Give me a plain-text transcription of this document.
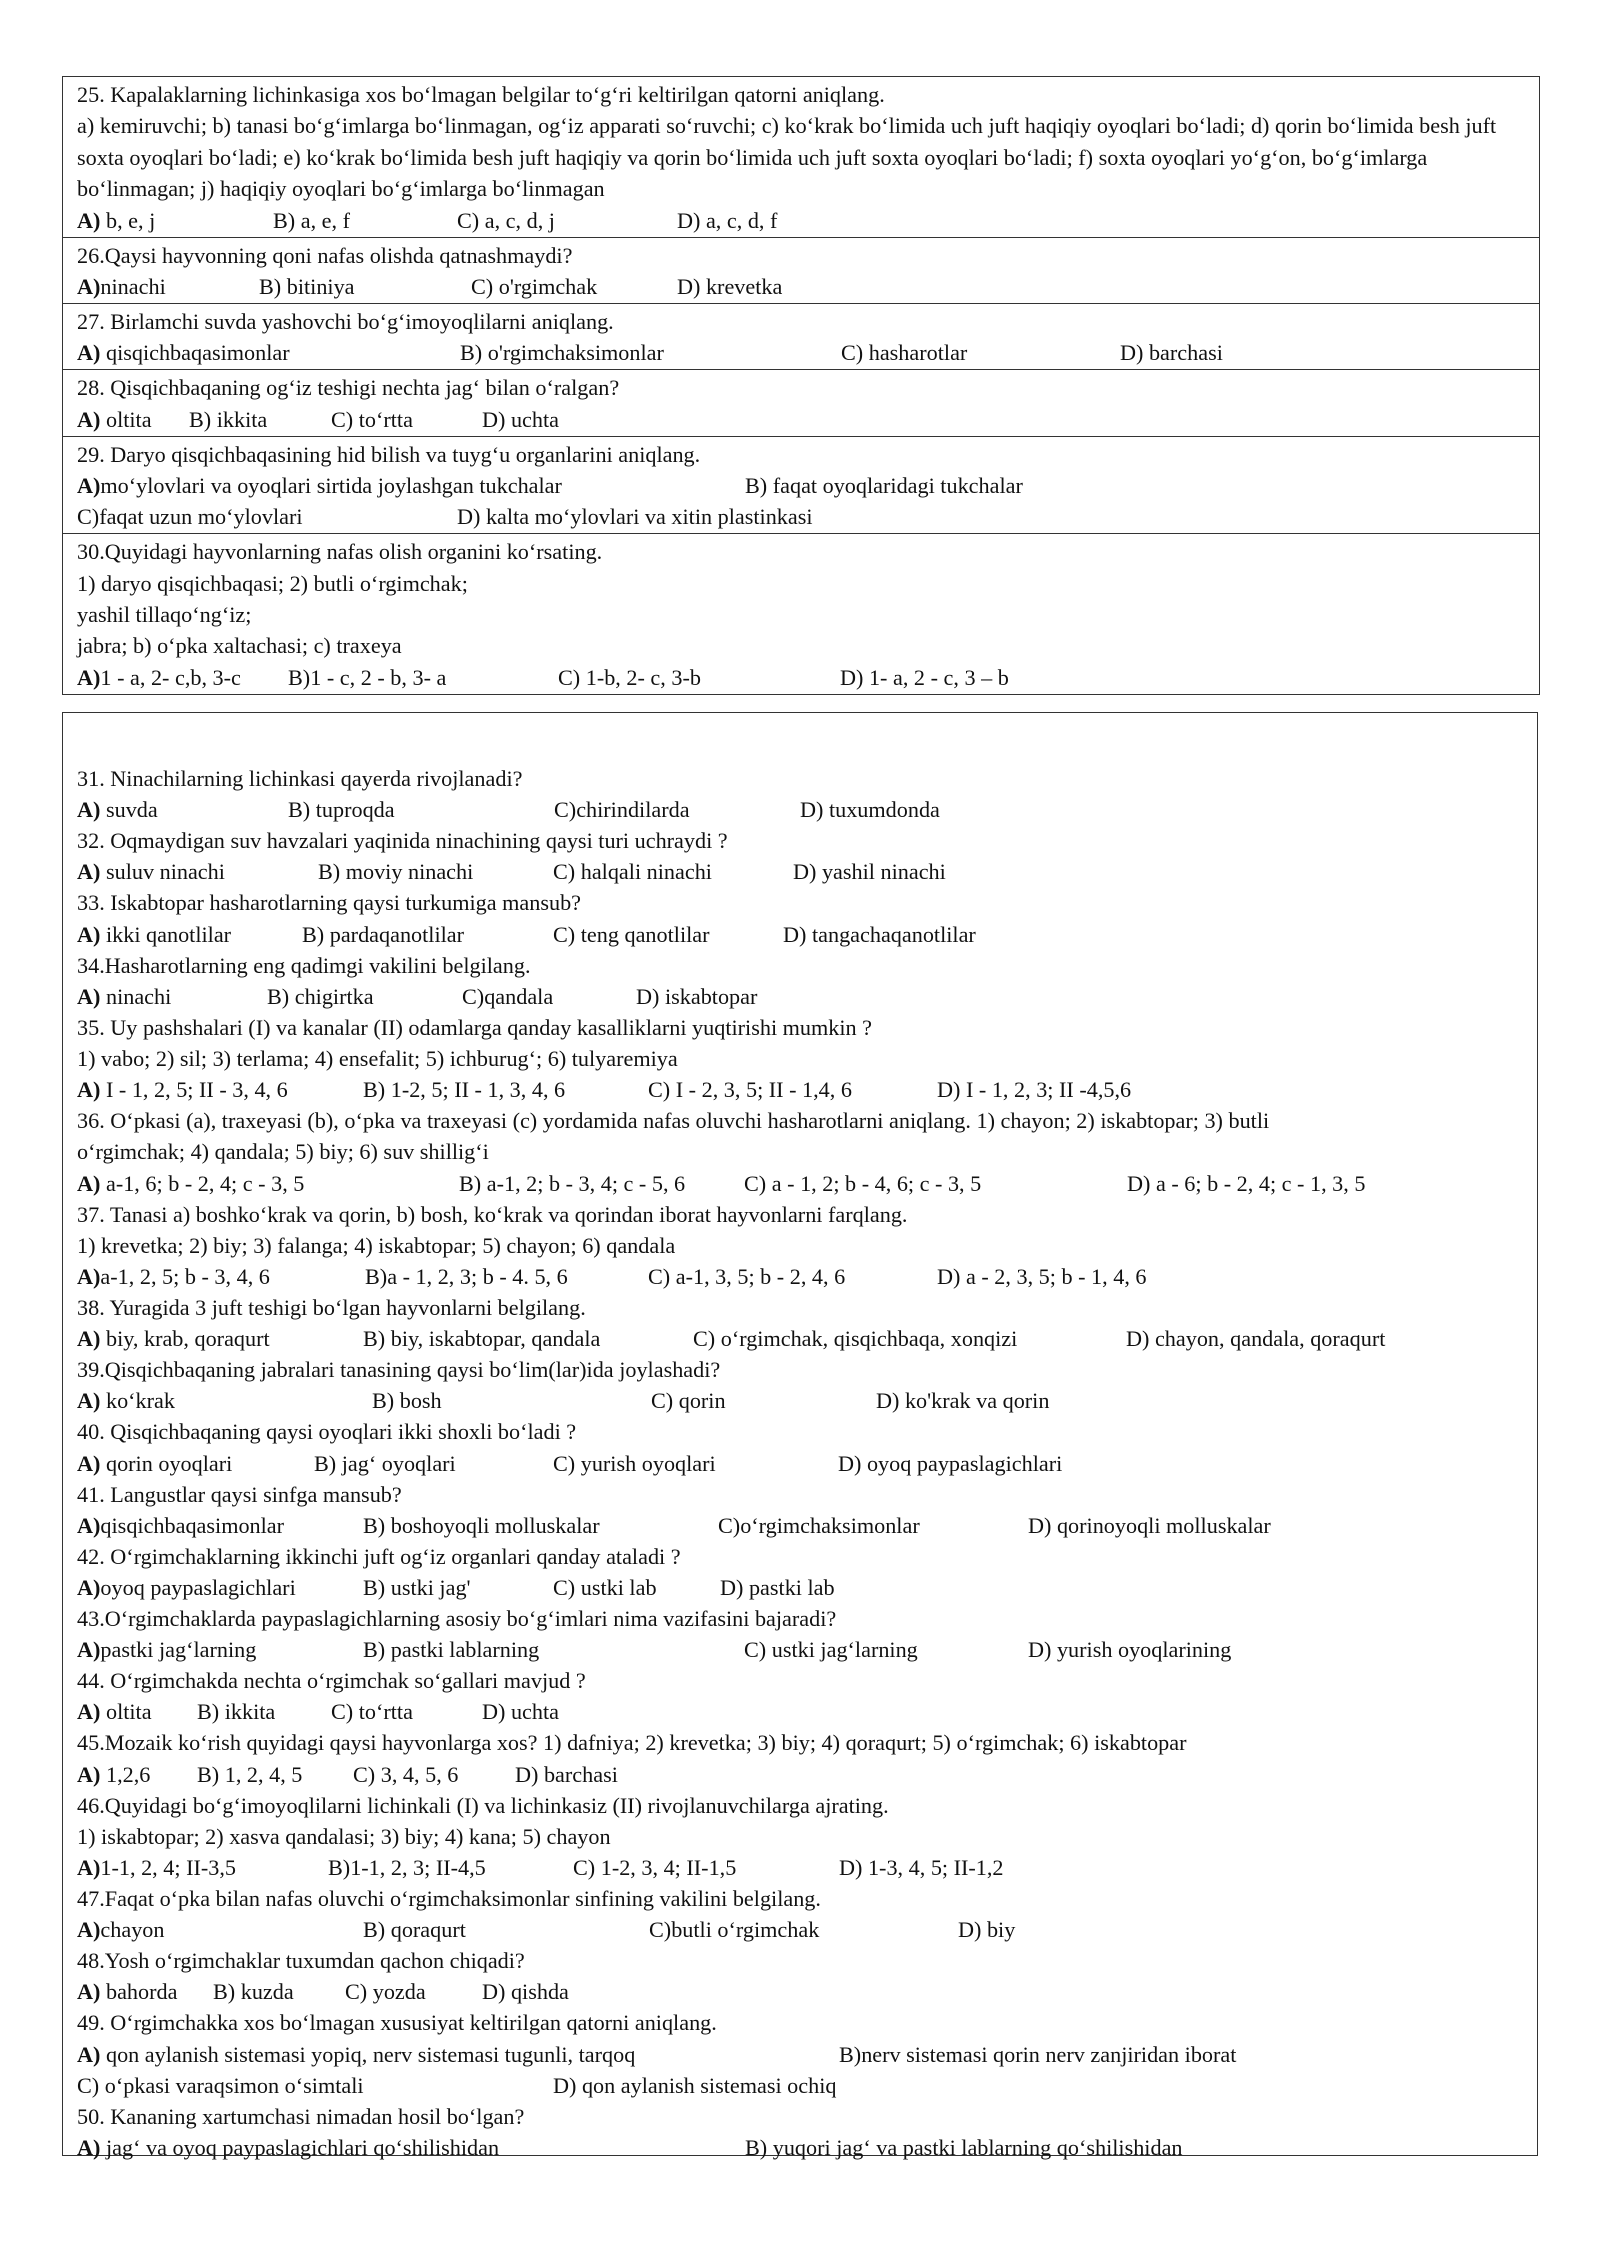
25. Kapalaklarning lichinkasiga xos bo‘lmagan belgilar to‘g‘ri keltirilgan qatorni aniqlang.
a) kemiruvchi; b) tanasi bo‘g‘imlarga bo‘linmagan, og‘iz apparati so‘ruvchi; c) ko‘krak bo‘limida uch juft haqiqiy oyoqlari bo‘ladi; d) qorin bo‘limida besh juft soxta oyoqlari bo‘ladi; e) ko‘krak bo‘limida besh juft haqiqiy va qorin bo‘limida uch juft soxta oyoqlari bo‘ladi; f) soxta oyoqlari yo‘g‘on, bo‘g‘imlarga bo‘linmagan; j) haqiqiy oyoqlari bo‘g‘imlarga bo‘linmagan
A) b, e, j	B) a, e, f	C) a, c, d, j	D) a, c, d, f
26.Qaysi hayvonning qoni nafas olishda qatnashmaydi?
A)ninachi	B) bitiniya	C) o'rgimchak	D) krevetka
27. Birlamchi suvda yashovchi bo‘g‘imoyoqlilarni aniqlang.
A) qisqichbaqasimonlar	B) o'rgimchaksimonlar	C) hasharotlar	D) barchasi
28. Qisqichbaqaning og‘iz teshigi nechta jag‘ bilan o‘ralgan?
A) oltita B) ikkita	C) to‘rtta	D) uchta
29. Daryo qisqichbaqasining hid bilish va tuyg‘u organlarini aniqlang.
A)mo‘ylovlari va oyoqlari sirtida joylashgan tukchalar	B) faqat oyoqlaridagi tukchalar
C)faqat uzun mo‘ylovlari	D) kalta mo‘ylovlari va xitin plastinkasi
30.Quyidagi hayvonlarning nafas olish organini ko‘rsating.
1) daryo qisqichbaqasi; 2) butli o‘rgimchak;
yashil tillaqo‘ng‘iz;
jabra; b) o‘pka xaltachasi; c) traxeya
A)1 - a, 2- c,b, 3-c B)1 - c, 2 - b, 3- a	C) 1-b, 2- c, 3-b	D) 1- a, 2 - c, 3 – b
31. Ninachilarning lichinkasi qayerda rivojlanadi?
A) suvda	B) tuproqda	C)chirindilarda	D) tuxumdonda
32. Oqmaydigan suv havzalari yaqinida ninachining qaysi turi uchraydi ?
A) suluv ninachi	B) moviy ninachi	C) halqali ninachi	D) yashil ninachi
33. Iskabtopar hasharotlarning qaysi turkumiga mansub?
A) ikki qanotlilar	B) pardaqanotlilar	C) teng qanotlilar	D) tangachaqanotlilar
34.Hasharotlarning eng qadimgi vakilini belgilang.
A) ninachi	B) chigirtka	C)qandala	D) iskabtopar
35. Uy pashshalari (I) va kanalar (II) odamlarga qanday kasalliklarni yuqtirishi mumkin ?
1) vabo; 2) sil; 3) terlama; 4) ensefalit; 5) ichburug‘; 6) tulyaremiya
A) I - 1, 2, 5; II - 3, 4, 6	B) 1-2, 5; II - 1, 3, 4, 6	C) I - 2, 3, 5; II - 1,4, 6	D) I - 1, 2, 3; II -4,5,6
36. O‘pkasi (a), traxeyasi (b), o‘pka va traxeyasi (c) yordamida nafas oluvchi hasharotlarni aniqlang. 1) chayon; 2) iskabtopar; 3) butli
o‘rgimchak; 4) qandala; 5) biy; 6) suv shillig‘i
A) a-1, 6; b - 2, 4; c - 3, 5	B) a-1, 2; b - 3, 4; c - 5, 6	C) a - 1, 2; b - 4, 6; c - 3, 5	D) a - 6; b - 2, 4; c - 1, 3, 5
37. Tanasi a) boshko‘krak va qorin, b) bosh, ko‘krak va qorindan iborat hayvonlarni farqlang.
1) krevetka; 2) biy; 3) falanga; 4) iskabtopar; 5) chayon; 6) qandala
A)a-1, 2, 5; b - 3, 4, 6	B)a - 1, 2, 3; b - 4. 5, 6	C) a-1, 3, 5; b - 2, 4, 6	D) a - 2, 3, 5; b - 1, 4, 6
38. Yuragida 3 juft teshigi bo‘lgan hayvonlarni belgilang.
A) biy, krab, qoraqurt	B) biy, iskabtopar, qandala	C) o‘rgimchak, qisqichbaqa, xonqizi	D) chayon, qandala, qoraqurt
39.Qisqichbaqaning jabralari tanasining qaysi bo‘lim(lar)ida joylashadi?
A) ko‘krak	B) bosh	C) qorin	D) ko'krak va qorin
40. Qisqichbaqaning qaysi oyoqlari ikki shoxli bo‘ladi ?
A) qorin oyoqlari	B) jag‘ oyoqlari	C) yurish oyoqlari	D) oyoq paypaslagichlari
41. Langustlar qaysi sinfga mansub?
A)qisqichbaqasimonlar	B) boshoyoqli molluskalar	C)o‘rgimchaksimonlar	D) qorinoyoqli molluskalar
42. O‘rgimchaklarning ikkinchi juft og‘iz organlari qanday ataladi ?
A)oyoq paypaslagichlari	B) ustki jag'	C) ustki lab	D) pastki lab
43.O‘rgimchaklarda paypaslagichlarning asosiy bo‘g‘imlari nima vazifasini bajaradi?
A)pastki jag‘larning	B) pastki lablarning	C) ustki jag‘larning	D) yurish oyoqlarining
44. O‘rgimchakda nechta o‘rgimchak so‘gallari mavjud ?
A) oltita B) ikkita	C) to‘rtta	D) uchta
45.Mozaik ko‘rish quyidagi qaysi hayvonlarga xos? 1) dafniya; 2) krevetka; 3) biy; 4) qoraqurt; 5) o‘rgimchak; 6) iskabtopar
A) 1,2,6 B) 1, 2, 4, 5 C) 3, 4, 5, 6	D) barchasi
46.Quyidagi bo‘g‘imoyoqlilarni lichinkali (I) va lichinkasiz (II) rivojlanuvchilarga ajrating.
1) iskabtopar; 2) xasva qandalasi; 3) biy; 4) kana; 5) chayon
A)1-1, 2, 4; II-3,5	B)1-1, 2, 3; II-4,5	C) 1-2, 3, 4; II-1,5	D) 1-3, 4, 5; II-1,2
47.Faqat o‘pka bilan nafas oluvchi o‘rgimchaksimonlar sinfining vakilini belgilang.
A)chayon	B) qoraqurt	C)butli o‘rgimchak	D) biy
48.Yosh o‘rgimchaklar tuxumdan qachon chiqadi?
A) bahorda B) kuzda C) yozda	D) qishda
49. O‘rgimchakka xos bo‘lmagan xususiyat keltirilgan qatorni aniqlang.
A) qon aylanish sistemasi yopiq, nerv sistemasi tugunli, tarqoq	B)nerv sistemasi qorin nerv zanjiridan iborat
C) o‘pkasi varaqsimon o‘simtali	D) qon aylanish sistemasi ochiq
50. Kananing xartumchasi nimadan hosil bo‘lgan?
A) jag‘ va oyoq paypaslagichlari qo‘shilishidan	B) yuqori jag‘ va pastki lablarning qo‘shilishidan
